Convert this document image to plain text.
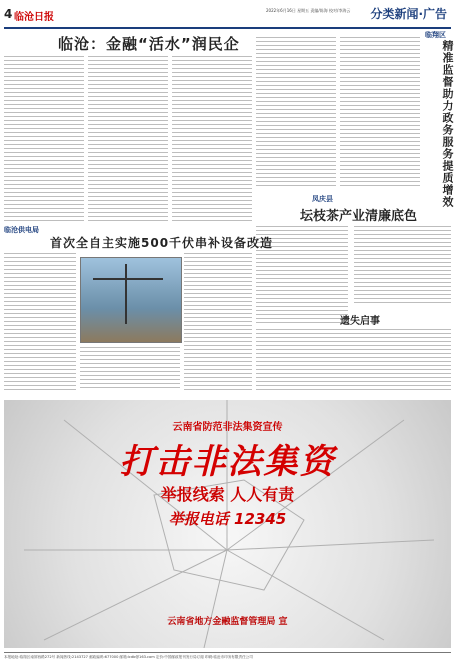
4 临沧日报
2022年6月16日 星期五 责编/陈海 校对/李海云	分类新闻·广告
临沧：金融“活水”润民企	临翔区
精准监督助力政务服务提质增效
凤庆县
坛枝茶产业清廉底色
临沧供电局
首次全自主实施500千伏串补设备改造
遗失启事
云南省防范非法集资宣传
打击非法集资
举报线索 人人有责
举报电话 12345
云南省地方金融监督管理局 宣
本报地址:临翔区南屏西路272号 新闻热线:2143727 邮政编码:677000 邮箱:lcdb@163.com 定价:中国邮政报刊发行局订阅 印刷:临沧市印务有限责任公司
